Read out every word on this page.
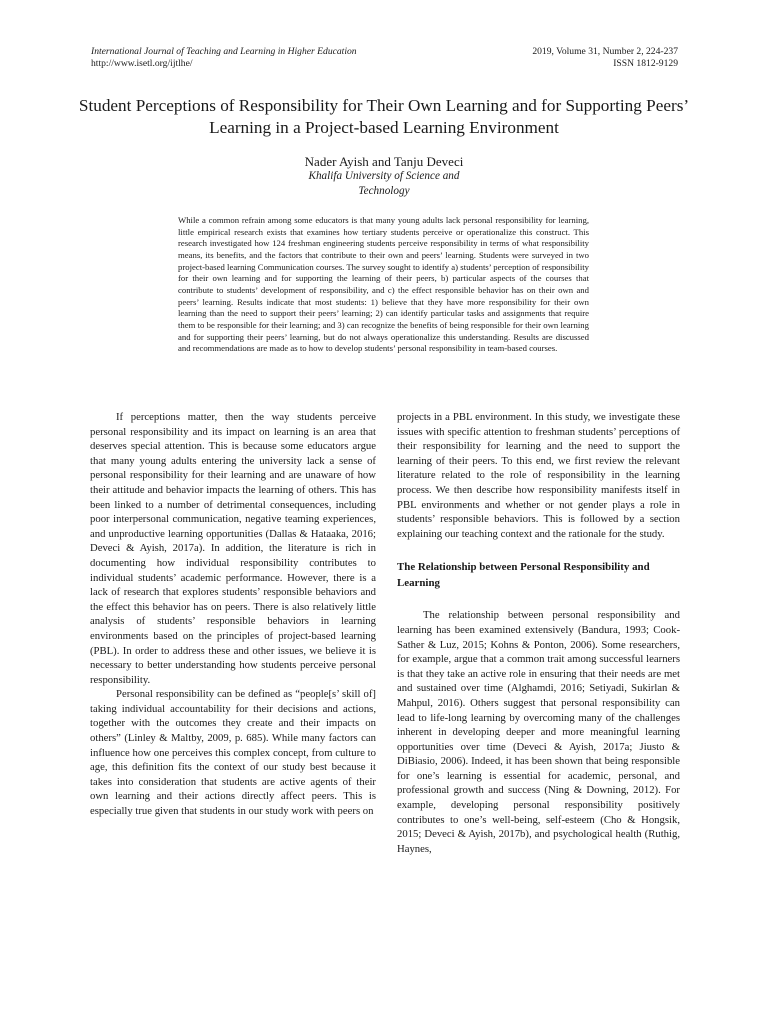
International Journal of Teaching and Learning in Higher Education	2019, Volume 31, Number 2, 224-237
http://www.isetl.org/ijtlhe/	ISSN 1812-9129
Student Perceptions of Responsibility for Their Own Learning and for Supporting Peers’ Learning in a Project-based Learning Environment
Nader Ayish and Tanju Deveci
Khalifa University of Science and Technology
While a common refrain among some educators is that many young adults lack personal responsibility for learning, little empirical research exists that examines how tertiary students perceive or operationalize this construct. This research investigated how 124 freshman engineering students perceive responsibility in terms of what responsibility means, its benefits, and the factors that contribute to their own and peers’ learning. Students were surveyed in two project-based learning Communication courses. The survey sought to identify a) students’ perception of responsibility for their own learning and for supporting the learning of their peers, b) particular aspects of the courses that contribute to students’ development of responsibility, and c) the effect responsible behavior has on their own and peers’ learning. Results indicate that most students: 1) believe that they have more responsibility for their own learning than the need to support their peers’ learning; 2) can identify particular tasks and assignments that require them to be responsible for their learning; and 3) can recognize the benefits of being responsible for their own learning and for supporting their peers’ learning, but do not always operationalize this understanding. Results are discussed and recommendations are made as to how to develop students’ personal responsibility in team-based courses.

If perceptions matter, then the way students perceive personal responsibility and its impact on learning is an area that deserves special attention. This is because some educators argue that many young adults entering the university lack a sense of personal responsibility for their learning and are unaware of how their attitude and behavior impacts the learning of others. This has been linked to a number of detrimental consequences, including poor interpersonal communication, negative teaming experiences, and unproductive learning opportunities (Dallas & Hataaka, 2016; Deveci & Ayish, 2017a). In addition, the literature is rich in documenting how individual responsibility contributes to individual students’ academic performance. However, there is a lack of research that explores students’ responsible behaviors and the effect this behavior has on peers. There is also relatively little analysis of students’ responsible behaviors in learning environments based on the principles of project-based learning (PBL). In order to address these and other issues, we believe it is necessary to better understanding how students perceive personal responsibility.

Personal responsibility can be defined as “people[s’ skill of] taking individual accountability for their decisions and actions, together with the outcomes they create and their impacts on others” (Linley & Maltby, 2009, p. 685). While many factors can influence how one perceives this complex concept, from culture to age, this definition fits the context of our study best because it takes into consideration that students are active agents of their own learning and their actions directly affect peers. This is especially true given that students in our study work with peers on

projects in a PBL environment. In this study, we investigate these issues with specific attention to freshman students’ perceptions of their responsibility for learning and the need to support the learning of their peers. To this end, we first review the relevant literature related to the role of responsibility in the learning process. We then describe how responsibility manifests itself in PBL environments and whether or not gender plays a role in students’ responsible behaviors. This is followed by a section explaining our teaching context and the rationale for the study.

The Relationship between Personal Responsibility and Learning

The relationship between personal responsibility and learning has been examined extensively (Bandura, 1993; Cook-Sather & Luz, 2015; Kohns & Ponton, 2006). Some researchers, for example, argue that a common trait among successful learners is that they take an active role in ensuring that their needs are met and sustained over time (Alghamdi, 2016; Setiyadi, Sukirlan & Mahpul, 2016). Others suggest that personal responsibility can lead to life-long learning by overcoming many of the challenges inherent in developing deeper and more meaningful learning opportunities over time (Deveci & Ayish, 2017a; Jiusto & DiBiasio, 2006). Indeed, it has been shown that being responsible for one’s learning is essential for academic, personal, and professional growth and success (Ning & Downing, 2012). For example, developing personal responsibility positively contributes to one’s well-being, self-esteem (Cho & Hongsik, 2015; Deveci & Ayish, 2017b), and psychological health (Ruthig, Haynes,
